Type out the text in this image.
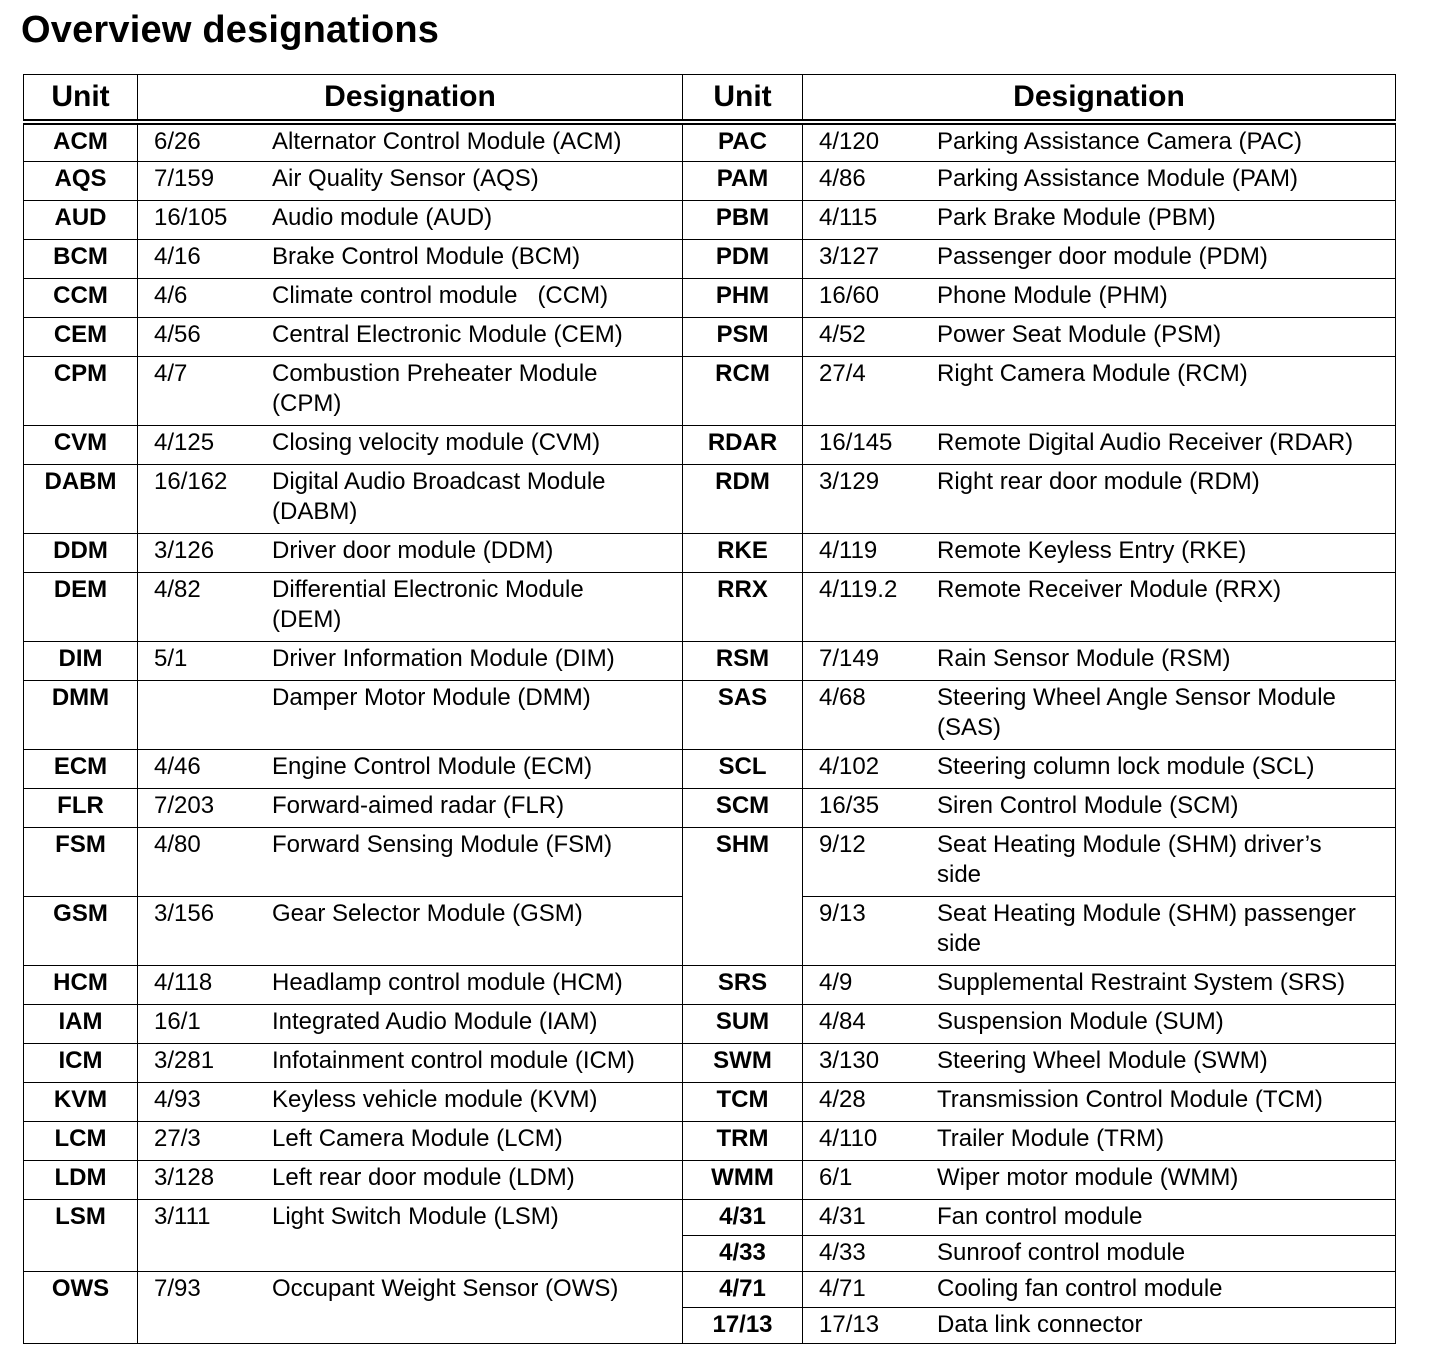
Overview designations
Unit	Designation	Unit	Designation
ACM	6/26 Alternator Control Module (ACM)	PAC	4/120 Parking Assistance Camera (PAC)

AQS	7/159 Air Quality Sensor (AQS)	PAM	4/86 Parking Assistance Module (PAM)

AUD	16/105 Audio module (AUD)	PBM	4/115 Park Brake Module (PBM)

BCM	4/16 Brake Control Module (BCM)	PDM	3/127 Passenger door module (PDM)

CCM	4/6 Climate control module   (CCM)	PHM	16/60 Phone Module (PHM)

CEM	4/56 Central Electronic Module (CEM)	PSM	4/52 Power Seat Module (PSM)

CPM	4/7 Combustion Preheater Module (CPM)	RCM	27/4 Right Camera Module (RCM)

CVM	4/125 Closing velocity module (CVM)	RDAR	16/145 Remote Digital Audio Receiver (RDAR)

DABM	16/162 Digital Audio Broadcast Module (DABM)	RDM	3/129 Right rear door module (RDM)

DDM	3/126 Driver door module (DDM)	RKE	4/119 Remote Keyless Entry (RKE)

DEM	4/82 Differential Electronic Module (DEM)	RRX	4/119.2 Remote Receiver Module (RRX)

DIM	5/1 Driver Information Module (DIM)	RSM	7/149 Rain Sensor Module (RSM)

DMM	Damper Motor Module (DMM)	SAS	4/68 Steering Wheel Angle Sensor Module (SAS)

ECM	4/46 Engine Control Module (ECM)	SCL	4/102 Steering column lock module (SCL)

FLR	7/203 Forward-aimed radar (FLR)	SCM	16/35 Siren Control Module (SCM)

FSM	4/80 Forward Sensing Module (FSM)	SHM	9/12 Seat Heating Module (SHM) driver’s side

GSM	3/156 Gear Selector Module (GSM)		9/13 Seat Heating Module (SHM) passenger side

HCM	4/118 Headlamp control module (HCM)	SRS	4/9 Supplemental Restraint System (SRS)

IAM	16/1 Integrated Audio Module (IAM)	SUM	4/84 Suspension Module (SUM)

ICM	3/281 Infotainment control module (ICM)	SWM	3/130 Steering Wheel Module (SWM)

KVM	4/93 Keyless vehicle module (KVM)	TCM	4/28 Transmission Control Module (TCM)

LCM	27/3 Left Camera Module (LCM)	TRM	4/110 Trailer Module (TRM)

LDM	3/128 Left rear door module (LDM)	WMM	6/1 Wiper motor module (WMM)

LSM	3/111 Light Switch Module (LSM)	4/31	4/31 Fan control module

		4/33	4/33 Sunroof control module

OWS	7/93 Occupant Weight Sensor (OWS)	4/71	4/71 Cooling fan control module

		17/13	17/13 Data link connector
